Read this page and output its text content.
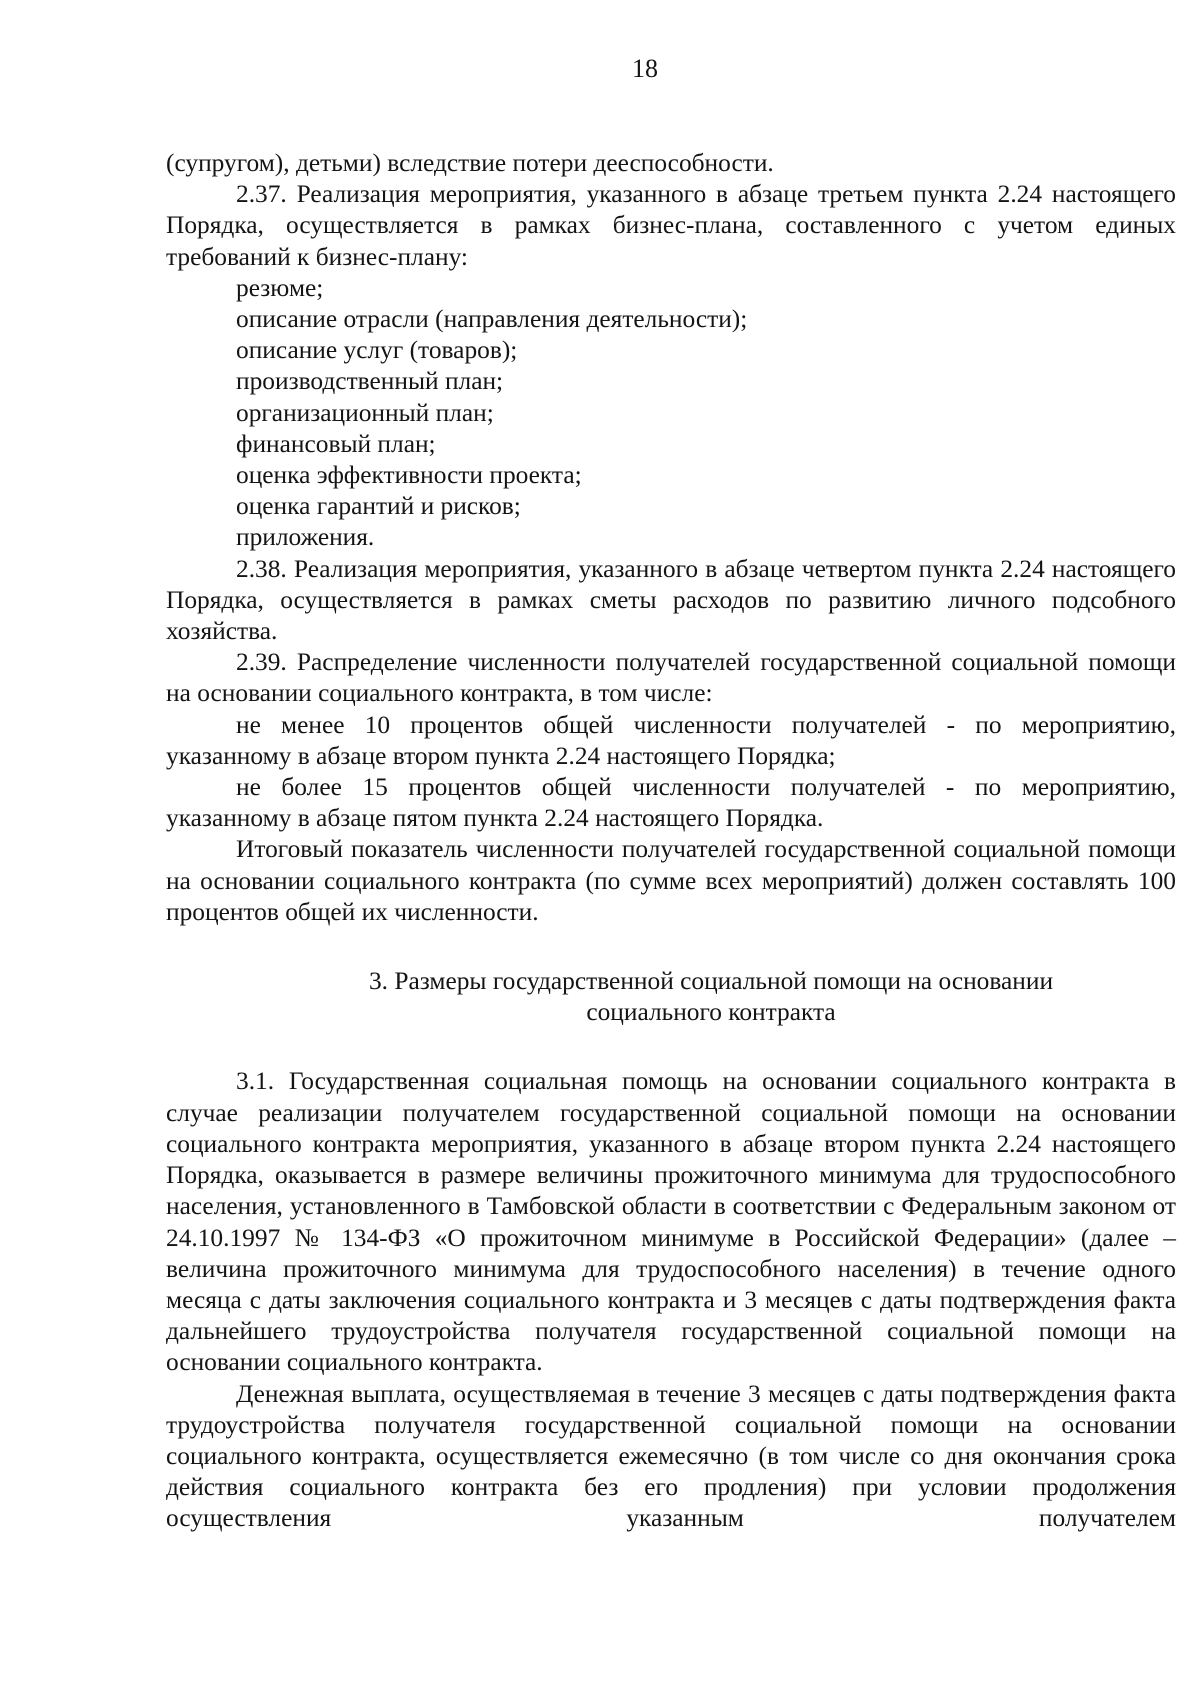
18

(супругом), детьми) вследствие потери дееспособности.

2.37. Реализация мероприятия, указанного в абзаце третьем пункта 2.24 настоящего Порядка, осуществляется в рамках бизнес-плана, составленного с учетом единых требований к бизнес-плану:

резюме;

описание отрасли (направления деятельности);

описание услуг (товаров);

производственный план;

организационный план;

финансовый план;

оценка эффективности проекта;

оценка гарантий и рисков;

приложения.

2.38. Реализация мероприятия, указанного в абзаце четвертом пункта 2.24 настоящего Порядка, осуществляется в рамках сметы расходов по развитию личного подсобного хозяйства.

2.39. Распределение численности получателей государственной социальной помощи на основании социального контракта, в том числе:

не менее 10 процентов общей численности получателей - по мероприятию, указанному в абзаце втором пункта 2.24 настоящего Порядка;

не более 15 процентов общей численности получателей - по мероприятию, указанному в абзаце пятом пункта 2.24 настоящего Порядка.

Итоговый показатель численности получателей государственной социальной помощи на основании социального контракта (по сумме всех мероприятий) должен составлять 100 процентов общей их численности.

3. Размеры государственной социальной помощи на основании
социального контракта

3.1. Государственная социальная помощь на основании социального контракта в случае реализации получателем государственной социальной помощи на основании социального контракта мероприятия, указанного в абзаце втором пункта 2.24 настоящего Порядка, оказывается в размере величины прожиточного минимума для трудоспособного населения, установленного в Тамбовской области в соответствии с Федеральным законом от 24.10.1997 № 134-ФЗ «О прожиточном минимуме в Российской Федерации» (далее – величина прожиточного минимума для трудоспособного населения) в течение одного месяца с даты заключения социального контракта и 3 месяцев с даты подтверждения факта дальнейшего трудоустройства получателя государственной социальной помощи на основании социального контракта.

Денежная выплата, осуществляемая в течение 3 месяцев с даты подтверждения факта трудоустройства получателя государственной социальной помощи на основании социального контракта, осуществляется ежемесячно (в том числе со дня окончания срока действия социального контракта без его продления) при условии продолжения осуществления указанным получателем
